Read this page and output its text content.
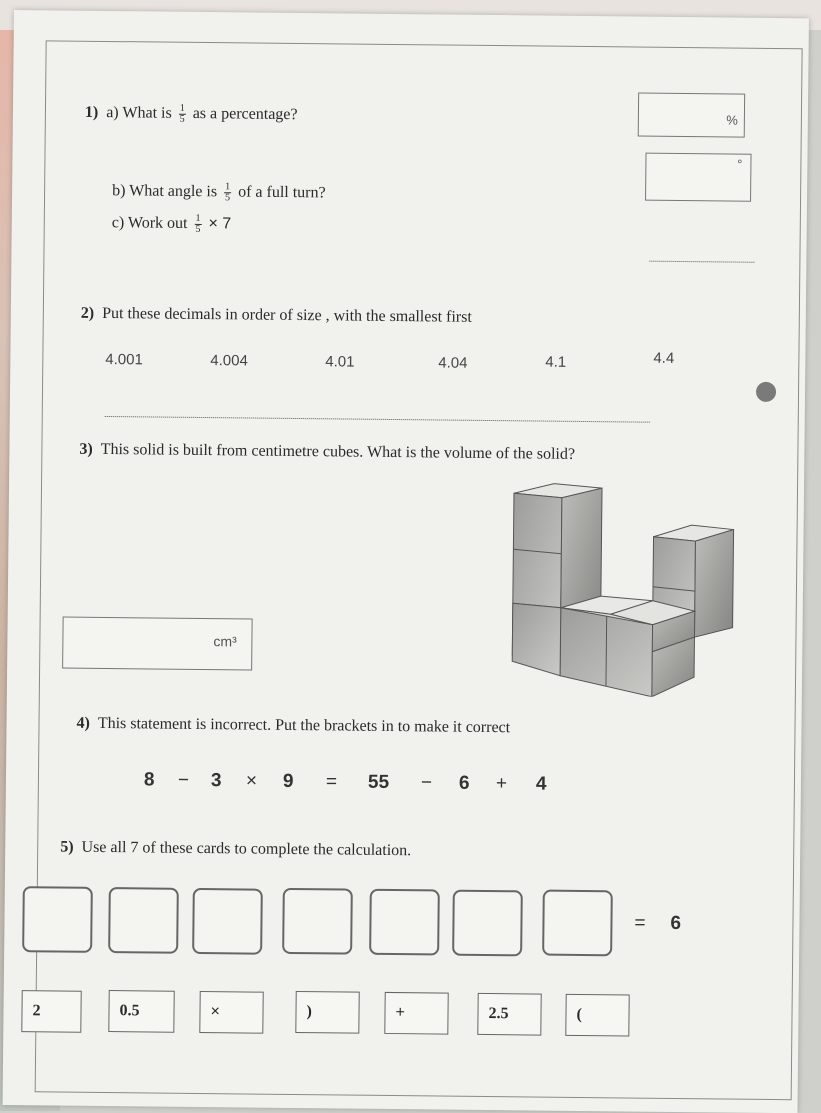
1) a) What is $\frac{1}{5}$ as a percentage?	%
b) What angle is $\frac{1}{5}$ of a full turn?
°
c) Work out $\frac{1}{5} \times 7$
2) Put these decimals in order of size , with the smallest first
4.001	4.004	4.01	4.04	4.1	4.4
3) This solid is built from centimetre cubes. What is the volume of the solid?
cm³
4) This statement is incorrect. Put the brackets in to make it correct
8 − 3 × 9 = 55 − 6 + 4
5) Use all 7 of these cards to complete the calculation.
= 6
2	0.5	×	)	+	2.5	(
